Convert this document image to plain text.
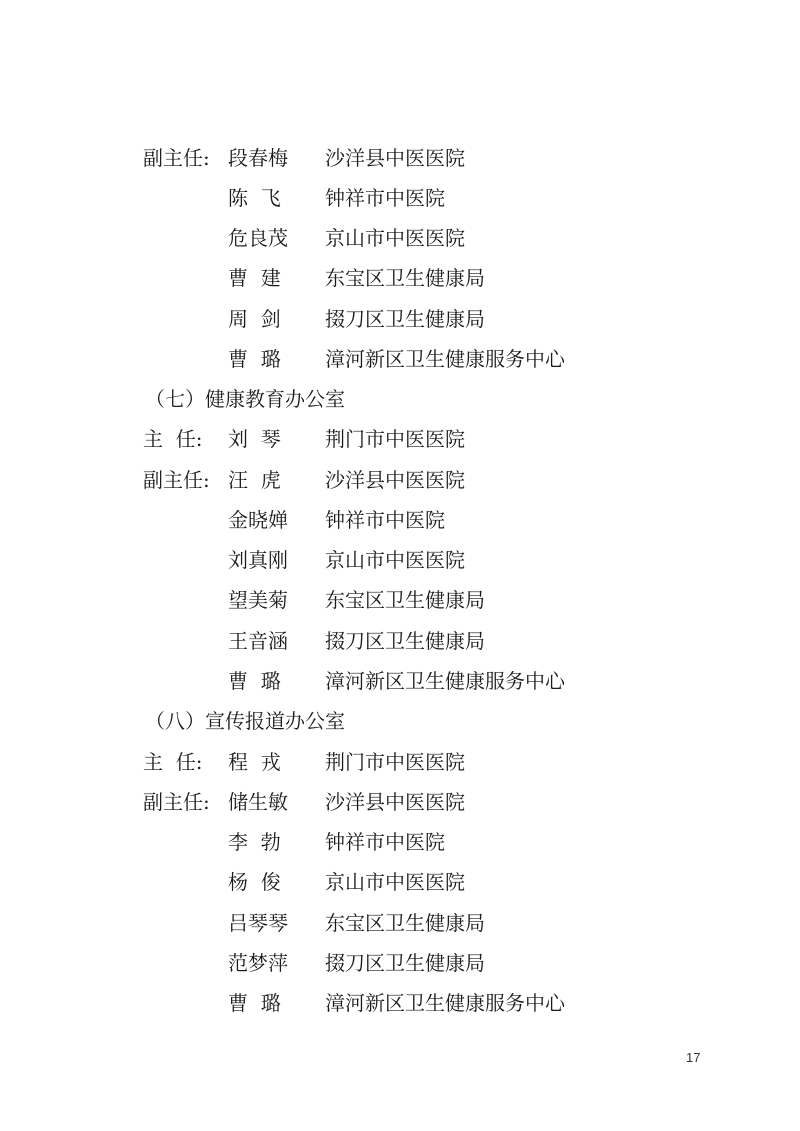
副主任: 段春梅 沙洋县中医医院
陈  飞 钟祥市中医院
危良茂 京山市中医医院
曹  建 东宝区卫生健康局
周  剑 掇刀区卫生健康局
曹  璐 漳河新区卫生健康服务中心
（七）健康教育办公室
主  任: 刘  琴 荆门市中医医院
副主任: 汪  虎 沙洋县中医医院
金晓婵 钟祥市中医院
刘真刚 京山市中医医院
望美菊 东宝区卫生健康局
王音涵 掇刀区卫生健康局
曹  璐 漳河新区卫生健康服务中心
（八）宣传报道办公室
主  任: 程  戎 荆门市中医医院
副主任: 储生敏 沙洋县中医医院
李  勃 钟祥市中医院
杨  俊 京山市中医医院
吕琴琴 东宝区卫生健康局
范梦萍 掇刀区卫生健康局
曹  璐 漳河新区卫生健康服务中心
17
